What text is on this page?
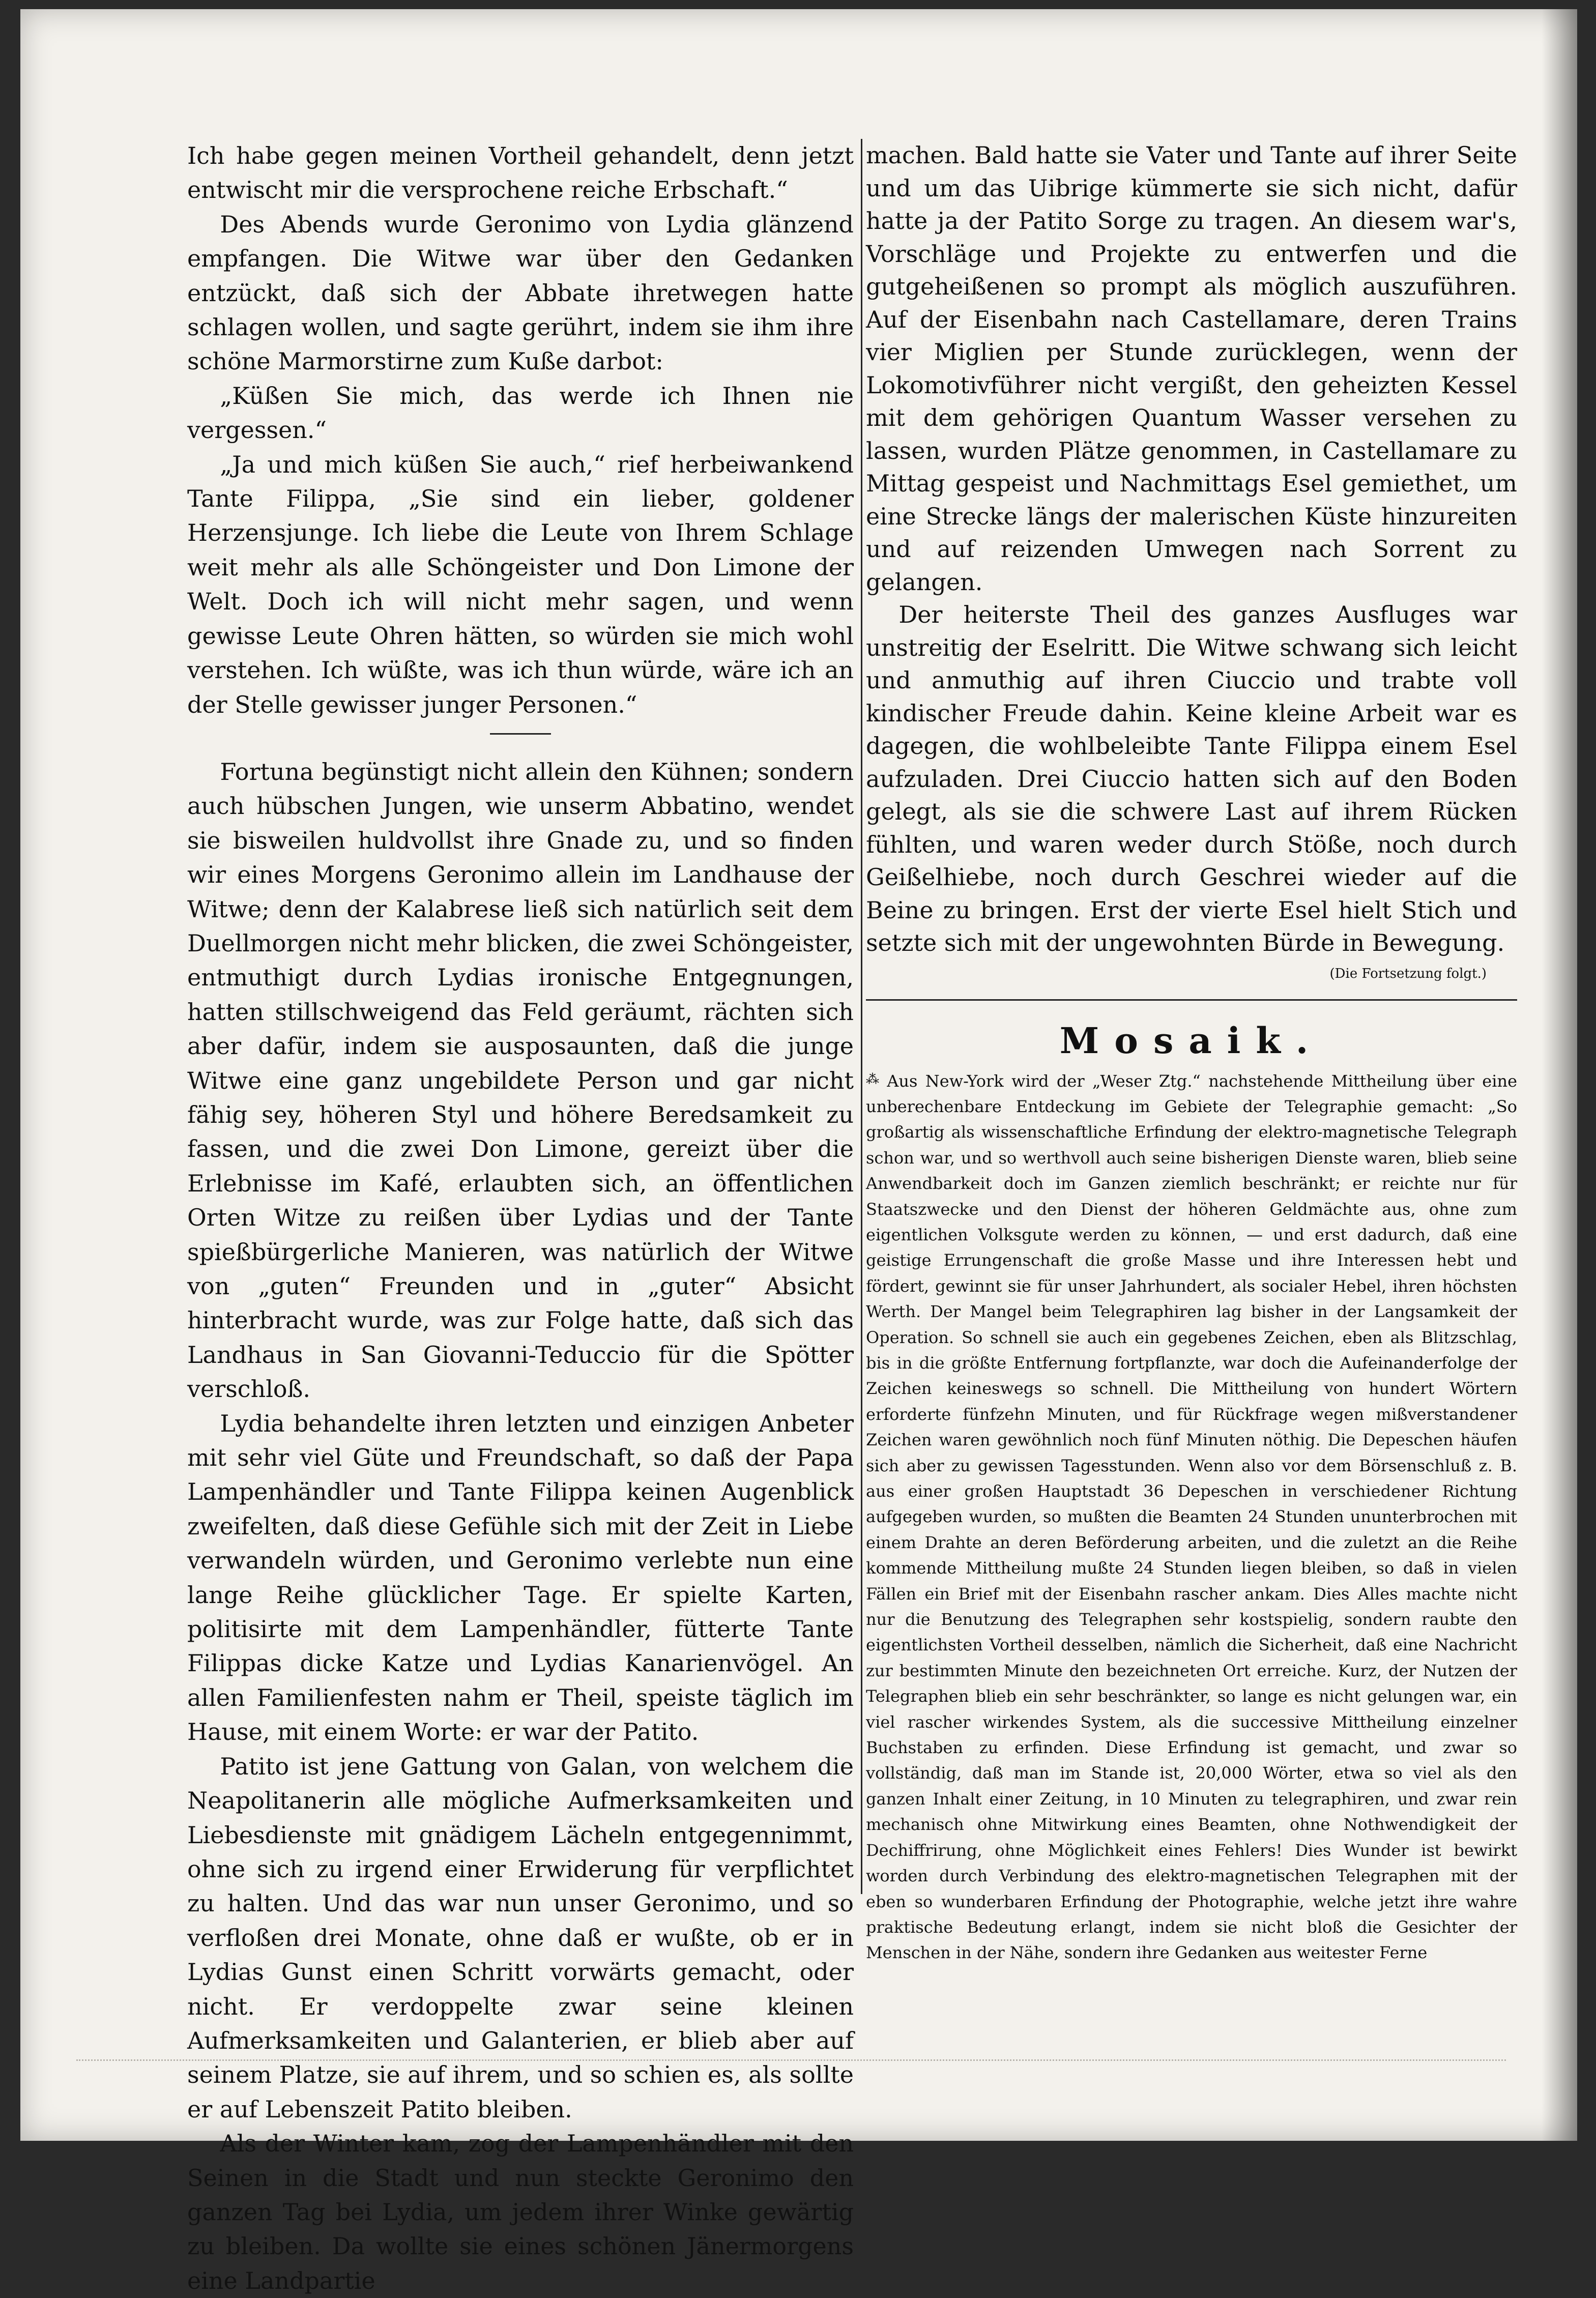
Ich habe gegen meinen Vortheil gehandelt, denn jetzt entwischt mir die versprochene reiche Erbschaft.“

Des Abends wurde Geronimo von Lydia glänzend empfangen. Die Witwe war über den Gedanken entzückt, daß sich der Abbate ihretwegen hatte schlagen wollen, und sagte gerührt, indem sie ihm ihre schöne Marmorstirne zum Kuße darbot:

„Küßen Sie mich, das werde ich Ihnen nie vergessen.“

„Ja und mich küßen Sie auch,“ rief herbeiwankend Tante Filippa, „Sie sind ein lieber, goldener Herzensjunge. Ich liebe die Leute von Ihrem Schlage weit mehr als alle Schöngeister und Don Limone der Welt. Doch ich will nicht mehr sagen, und wenn gewisse Leute Ohren hätten, so würden sie mich wohl verstehen. Ich wüßte, was ich thun würde, wäre ich an der Stelle gewisser junger Personen.“

Fortuna begünstigt nicht allein den Kühnen; sondern auch hübschen Jungen, wie unserm Abbatino, wendet sie bisweilen huldvollst ihre Gnade zu, und so finden wir eines Morgens Geronimo allein im Landhause der Witwe; denn der Kalabrese ließ sich natürlich seit dem Duellmorgen nicht mehr blicken, die zwei Schöngeister, entmuthigt durch Lydias ironische Entgegnungen, hatten stillschweigend das Feld geräumt, rächten sich aber dafür, indem sie ausposaunten, daß die junge Witwe eine ganz ungebildete Person und gar nicht fähig sey, höheren Styl und höhere Beredsamkeit zu fassen, und die zwei Don Limone, gereizt über die Erlebnisse im Kafé, erlaubten sich, an öffentlichen Orten Witze zu reißen über Lydias und der Tante spießbürgerliche Manieren, was natürlich der Witwe von „guten“ Freunden und in „guter“ Absicht hinterbracht wurde, was zur Folge hatte, daß sich das Landhaus in San Giovanni-Teduccio für die Spötter verschloß.

Lydia behandelte ihren letzten und einzigen Anbeter mit sehr viel Güte und Freundschaft, so daß der Papa Lampenhändler und Tante Filippa keinen Augenblick zweifelten, daß diese Gefühle sich mit der Zeit in Liebe verwandeln würden, und Geronimo verlebte nun eine lange Reihe glücklicher Tage. Er spielte Karten, politisirte mit dem Lampenhändler, fütterte Tante Filippas dicke Katze und Lydias Kanarienvögel. An allen Familienfesten nahm er Theil, speiste täglich im Hause, mit einem Worte: er war der Patito.

Patito ist jene Gattung von Galan, von welchem die Neapolitanerin alle mögliche Aufmerksamkeiten und Liebesdienste mit gnädigem Lächeln entgegennimmt, ohne sich zu irgend einer Erwiderung für verpflichtet zu halten. Und das war nun unser Geronimo, und so verfloßen drei Monate, ohne daß er wußte, ob er in Lydias Gunst einen Schritt vorwärts gemacht, oder nicht. Er verdoppelte zwar seine kleinen Aufmerksamkeiten und Galanterien, er blieb aber auf seinem Platze, sie auf ihrem, und so schien es, als sollte er auf Lebenszeit Patito bleiben.

Als der Winter kam, zog der Lampenhändler mit den Seinen in die Stadt und nun steckte Geronimo den ganzen Tag bei Lydia, um jedem ihrer Winke gewärtig zu bleiben. Da wollte sie eines schönen Jänermorgens eine Landpartie

machen. Bald hatte sie Vater und Tante auf ihrer Seite und um das Uibrige kümmerte sie sich nicht, dafür hatte ja der Patito Sorge zu tragen. An diesem war's, Vorschläge und Projekte zu entwerfen und die gutgeheißenen so prompt als möglich auszuführen. Auf der Eisenbahn nach Castellamare, deren Trains vier Miglien per Stunde zurücklegen, wenn der Lokomotivführer nicht vergißt, den geheizten Kessel mit dem gehörigen Quantum Wasser versehen zu lassen, wurden Plätze genommen, in Castellamare zu Mittag gespeist und Nachmittags Esel gemiethet, um eine Strecke längs der malerischen Küste hinzureiten und auf reizenden Umwegen nach Sorrent zu gelangen.

Der heiterste Theil des ganzes Ausfluges war unstreitig der Eselritt. Die Witwe schwang sich leicht und anmuthig auf ihren Ciuccio und trabte voll kindischer Freude dahin. Keine kleine Arbeit war es dagegen, die wohlbeleibte Tante Filippa einem Esel aufzuladen. Drei Ciuccio hatten sich auf den Boden gelegt, als sie die schwere Last auf ihrem Rücken fühlten, und waren weder durch Stöße, noch durch Geißelhiebe, noch durch Geschrei wieder auf die Beine zu bringen. Erst der vierte Esel hielt Stich und setzte sich mit der ungewohnten Bürde in Bewegung.

(Die Fortsetzung folgt.)
Mosaik.

⁂ Aus New-York wird der „Weser Ztg.“ nachstehende Mittheilung über eine unberechenbare Entdeckung im Gebiete der Telegraphie gemacht: „So großartig als wissenschaftliche Erfindung der elektro-magnetische Telegraph schon war, und so werthvoll auch seine bisherigen Dienste waren, blieb seine Anwendbarkeit doch im Ganzen ziemlich beschränkt; er reichte nur für Staatszwecke und den Dienst der höheren Geldmächte aus, ohne zum eigentlichen Volksgute werden zu können, — und erst dadurch, daß eine geistige Errungenschaft die große Masse und ihre Interessen hebt und fördert, gewinnt sie für unser Jahrhundert, als socialer Hebel, ihren höchsten Werth. Der Mangel beim Telegraphiren lag bisher in der Langsamkeit der Operation. So schnell sie auch ein gegebenes Zeichen, eben als Blitzschlag, bis in die größte Entfernung fortpflanzte, war doch die Aufeinanderfolge der Zeichen keineswegs so schnell. Die Mittheilung von hundert Wörtern erforderte fünfzehn Minuten, und für Rückfrage wegen mißverstandener Zeichen waren gewöhnlich noch fünf Minuten nöthig. Die Depeschen häufen sich aber zu gewissen Tagesstunden. Wenn also vor dem Börsenschluß z. B. aus einer großen Hauptstadt 36 Depeschen in verschiedener Richtung aufgegeben wurden, so mußten die Beamten 24 Stunden ununterbrochen mit einem Drahte an deren Beförderung arbeiten, und die zuletzt an die Reihe kommende Mittheilung mußte 24 Stunden liegen bleiben, so daß in vielen Fällen ein Brief mit der Eisenbahn rascher ankam. Dies Alles machte nicht nur die Benutzung des Telegraphen sehr kostspielig, sondern raubte den eigentlichsten Vortheil desselben, nämlich die Sicherheit, daß eine Nachricht zur bestimmten Minute den bezeichneten Ort erreiche. Kurz, der Nutzen der Telegraphen blieb ein sehr beschränkter, so lange es nicht gelungen war, ein viel rascher wirkendes System, als die successive Mittheilung einzelner Buchstaben zu erfinden. Diese Erfindung ist gemacht, und zwar so vollständig, daß man im Stande ist, 20,000 Wörter, etwa so viel als den ganzen Inhalt einer Zeitung, in 10 Minuten zu telegraphiren, und zwar rein mechanisch ohne Mitwirkung eines Beamten, ohne Nothwendigkeit der Dechiffrirung, ohne Möglichkeit eines Fehlers! Dies Wunder ist bewirkt worden durch Verbindung des elektro-magnetischen Telegraphen mit der eben so wunderbaren Erfindung der Photographie, welche jetzt ihre wahre praktische Bedeutung erlangt, indem sie nicht bloß die Gesichter der Menschen in der Nähe, sondern ihre Gedanken aus weitester Ferne
